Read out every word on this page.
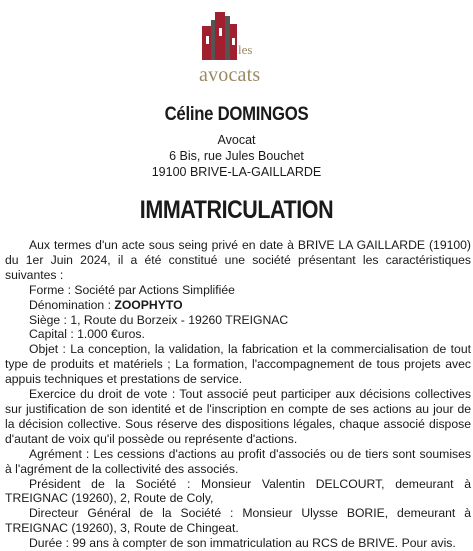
les
avocats
Céline DOMINGOS
Avocat
6 Bis, rue Jules Bouchet
19100 BRIVE-LA-GAILLARDE
IMMATRICULATION

Aux termes d'un acte sous seing privé en date à BRIVE LA GAILLARDE (19100) du 1er Juin 2024, il a été constitué une société présentant les caractéristiques suivantes :

Forme : Société par Actions Simplifiée

Dénomination : ZOOPHYTO

Siège : 1, Route du Borzeix - 19260 TREIGNAC

Capital : 1.000 €uros.

Objet : La conception, la validation, la fabrication et la commercialisation de tout type de produits et matériels ; La formation, l'accompagnement de tous projets avec appuis techniques et prestations de service.

Exercice du droit de vote : Tout associé peut participer aux décisions collectives sur justification de son identité et de l'inscription en compte de ses actions au jour de la décision collective. Sous réserve des dispositions légales, chaque associé dispose d'autant de voix qu'il possède ou représente d'actions.

Agrément : Les cessions d'actions au profit d'associés ou de tiers sont soumises à l'agrément de la collectivité des associés.

Président de la Société : Monsieur Valentin DELCOURT, demeurant à TREIGNAC (19260), 2, Route de Coly,

Directeur Général de la Société : Monsieur Ulysse BORIE, demeurant à TREIGNAC (19260), 3, Route de Chingeat.

Durée : 99 ans à compter de son immatriculation au RCS de BRIVE. Pour avis.
